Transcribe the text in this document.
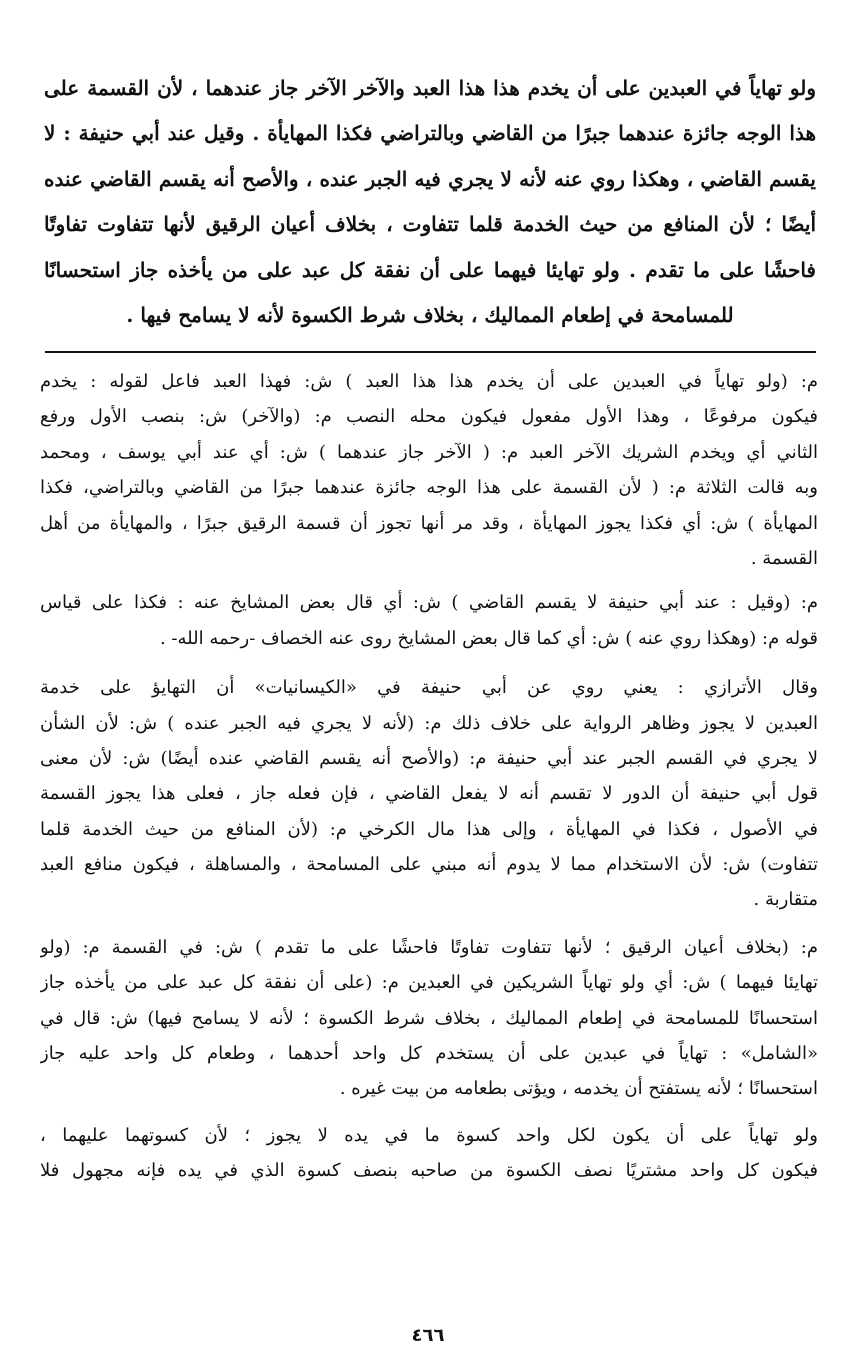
ولو تهاياً في العبدين على أن يخدم هذا هذا العبد والآخر الآخر جاز عندهما ، لأن القسمة على
هذا الوجه جائزة عندهما جبرًا من القاضي وبالتراضي فكذا المهايأة . وقيل عند أبي حنيفة : لا
يقسم القاضي ، وهكذا روي عنه لأنه لا يجري فيه الجبر عنده ، والأصح أنه يقسم القاضي عنده
أيضًا ؛ لأن المنافع من حيث الخدمة قلما تتفاوت ، بخلاف أعيان الرقيق لأنها تتفاوت تفاوتًا
فاحشًا على ما تقدم . ولو تهايئا فيهما على أن نفقة كل عبد على من يأخذه جاز استحسانًا
للمسامحة في إطعام المماليك ، بخلاف شرط الكسوة لأنه لا يسامح فيها .
م: (ولو تهاياً في العبدين على أن يخدم هذا هذا العبد ) ش: فهذا العبد فاعل لقوله : يخدم
فيكون مرفوعًا ، وهذا الأول مفعول فيكون محله النصب م: (والآخر) ش: بنصب الأول ورفع
الثاني أي ويخدم الشريك الآخر العبد م: ( الآخر جاز عندهما ) ش: أي عند أبي يوسف ، ومحمد
وبه قالت الثلاثة م: ( لأن القسمة على هذا الوجه جائزة عندهما جبرًا من القاضي وبالتراضي، فكذا
المهايأة ) ش: أي فكذا يجوز المهايأة ، وقد مر أنها تجوز أن قسمة الرقيق جبرًا ، والمهايأة من أهل
القسمة .
م: (وقيل : عند أبي حنيفة لا يقسم القاضي ) ش: أي قال بعض المشايخ عنه : فكذا على قياس
قوله م: (وهكذا روي عنه ) ش: أي كما قال بعض المشايخ روى عنه الخصاف -رحمه الله- .
وقال الأترازي : يعني روي عن أبي حنيفة في «الكيسانيات» أن التهايؤ على خدمة
العبدين لا يجوز وظاهر الرواية على خلاف ذلك م: (لأنه لا يجري فيه الجبر عنده ) ش: لأن الشأن
لا يجري في القسم الجبر عند أبي حنيفة م: (والأصح أنه يقسم القاضي عنده أيضًا) ش: لأن معنى
قول أبي حنيفة أن الدور لا تقسم أنه لا يفعل القاضي ، فإن فعله جاز ، فعلى هذا يجوز القسمة
في الأصول ، فكذا في المهايأة ، وإلى هذا مال الكرخي م: (لأن المنافع من حيث الخدمة قلما
تتفاوت) ش: لأن الاستخدام مما لا يدوم أنه مبني على المسامحة ، والمساهلة ، فيكون منافع العبد
متقاربة .
م: (بخلاف أعيان الرقيق ؛ لأنها تتفاوت تفاوتًا فاحشًا على ما تقدم ) ش: في القسمة م: (ولو
تهايئا فيهما ) ش: أي ولو تهاياً الشريكين في العبدين م: (على أن نفقة كل عبد على من يأخذه جاز
استحسانًا للمسامحة في إطعام المماليك ، بخلاف شرط الكسوة ؛ لأنه لا يسامح فيها) ش: قال في
«الشامل» : تهاياً في عبدين على أن يستخدم كل واحد أحدهما ، وطعام كل واحد عليه جاز
استحسانًا ؛ لأنه يستفتح أن يخدمه ، ويؤتى بطعامه من بيت غيره .
ولو تهاياً على أن يكون لكل واحد كسوة ما في يده لا يجوز ؛ لأن كسوتهما عليهما ،
فيكون كل واحد مشتريًا نصف الكسوة من صاحبه بنصف كسوة الذي في يده فإنه مجهول فلا
٤٦٦
